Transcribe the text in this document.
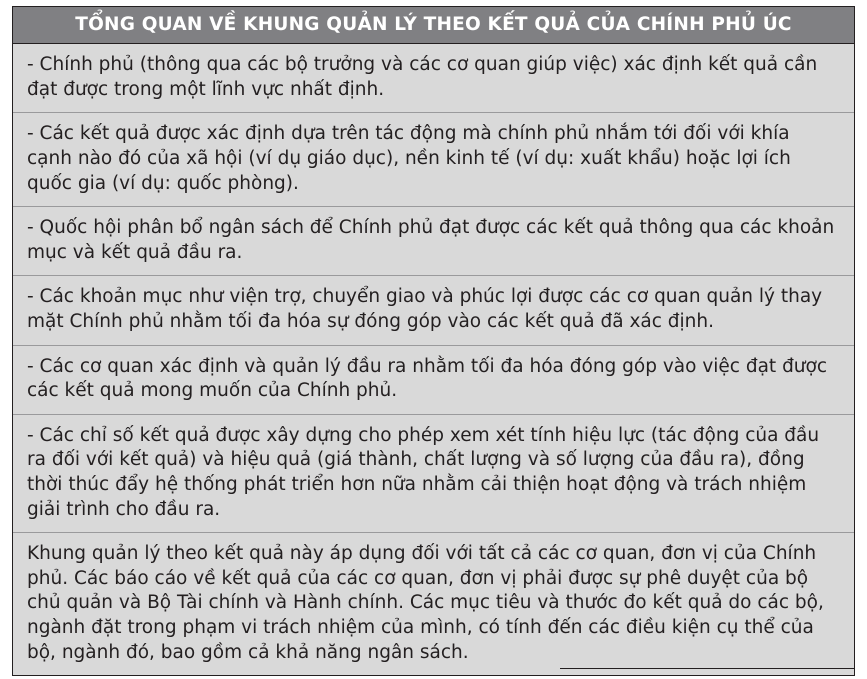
TỔNG QUAN VỀ KHUNG QUẢN LÝ THEO KẾT QUẢ CỦA CHÍNH PHỦ ÚC

- Chính phủ (thông qua các bộ trưởng và các cơ quan giúp việc) xác định kết quả cần đạt được trong một lĩnh vực nhất định.

- Các kết quả được xác định dựa trên tác động mà chính phủ nhắm tới đối với khía cạnh nào đó của xã hội (ví dụ giáo dục), nền kinh tế (ví dụ: xuất khẩu) hoặc lợi ích quốc gia (ví dụ: quốc phòng).

- Quốc hội phân bổ ngân sách để Chính phủ đạt được các kết quả thông qua các khoản mục và kết quả đầu ra.

- Các khoản mục như viện trợ, chuyển giao và phúc lợi được các cơ quan quản lý thay mặt Chính phủ nhằm tối đa hóa sự đóng góp vào các kết quả đã xác định.

- Các cơ quan xác định và quản lý đầu ra nhằm tối đa hóa đóng góp vào việc đạt được các kết quả mong muốn của Chính phủ.

- Các chỉ số kết quả được xây dựng cho phép xem xét tính hiệu lực (tác động của đầu ra đối với kết quả) và hiệu quả (giá thành, chất lượng và số lượng của đầu ra), đồng thời thúc đẩy hệ thống phát triển hơn nữa nhằm cải thiện hoạt động và trách nhiệm giải trình cho đầu ra.

Khung quản lý theo kết quả này áp dụng đối với tất cả các cơ quan, đơn vị của Chính phủ. Các báo cáo về kết quả của các cơ quan, đơn vị phải được sự phê duyệt của bộ chủ quản và Bộ Tài chính và Hành chính. Các mục tiêu và thước đo kết quả do các bộ, ngành đặt trong phạm vi trách nhiệm của mình, có tính đến các điều kiện cụ thể của bộ, ngành đó, bao gồm cả khả năng ngân sách.
